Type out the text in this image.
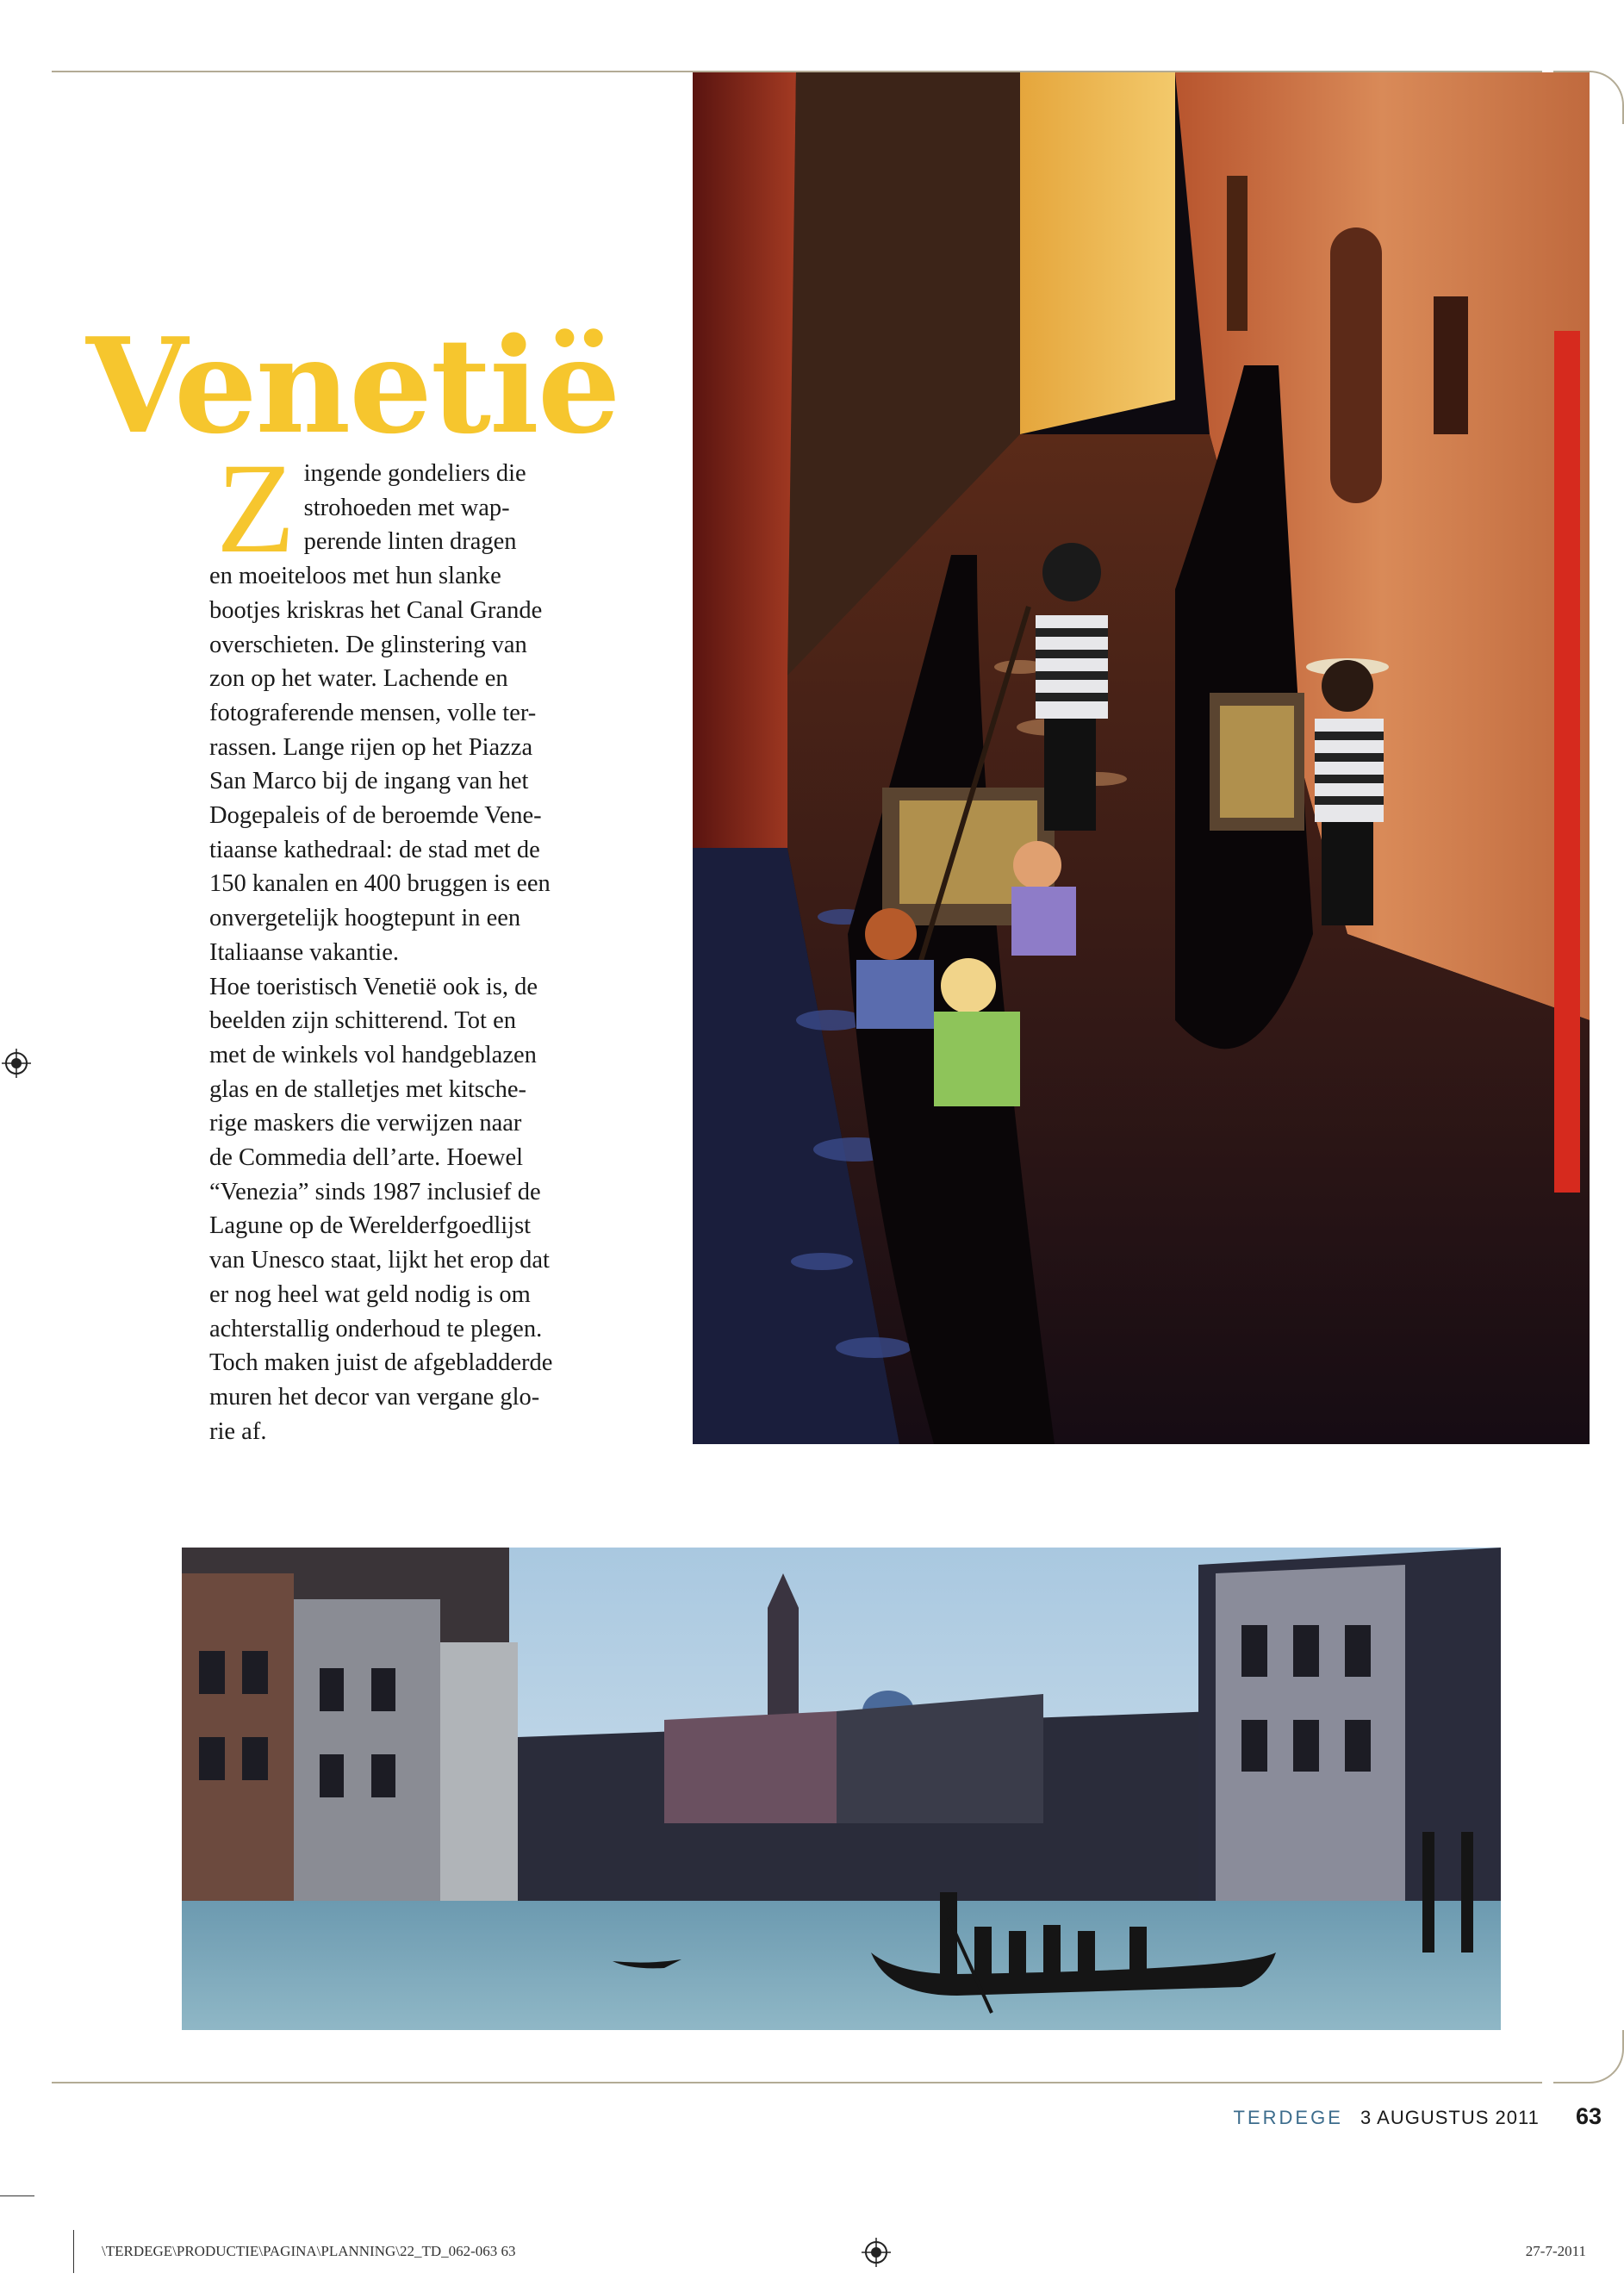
Venetië
Zingende gondeliers die
strohoeden met wap-
perende linten dragen
en moeiteloos met hun slanke
bootjes kriskras het Canal Grande
overschieten. De glinstering van
zon op het water. Lachende en
fotograferende mensen, volle ter-
rassen. Lange rijen op het Piazza
San Marco bij de ingang van het
Dogepaleis of de beroemde Vene-
tiaanse kathedraal: de stad met de
150 kanalen en 400 bruggen is een
onvergetelijk hoogtepunt in een
Italiaanse vakantie.
Hoe toeristisch Venetië ook is, de
beelden zijn schitterend. Tot en
met de winkels vol handgeblazen
glas en de stalletjes met kitsche-
rige maskers die verwijzen naar
de Commedia dell’arte. Hoewel
“Venezia” sinds 1987 inclusief de
Lagune op de Werelderfgoedlijst
van Unesco staat, lijkt het erop dat
er nog heel wat geld nodig is om
achterstallig onderhoud te plegen.
Toch maken juist de afgebladderde
muren het decor van vergane glo-
rie af.
TERDEGE 3 AUGUSTUS 2011 63
\TERDEGE\PRODUCTIE\PAGINA\PLANNING\22_TD_062-063 63	27-7-2011
